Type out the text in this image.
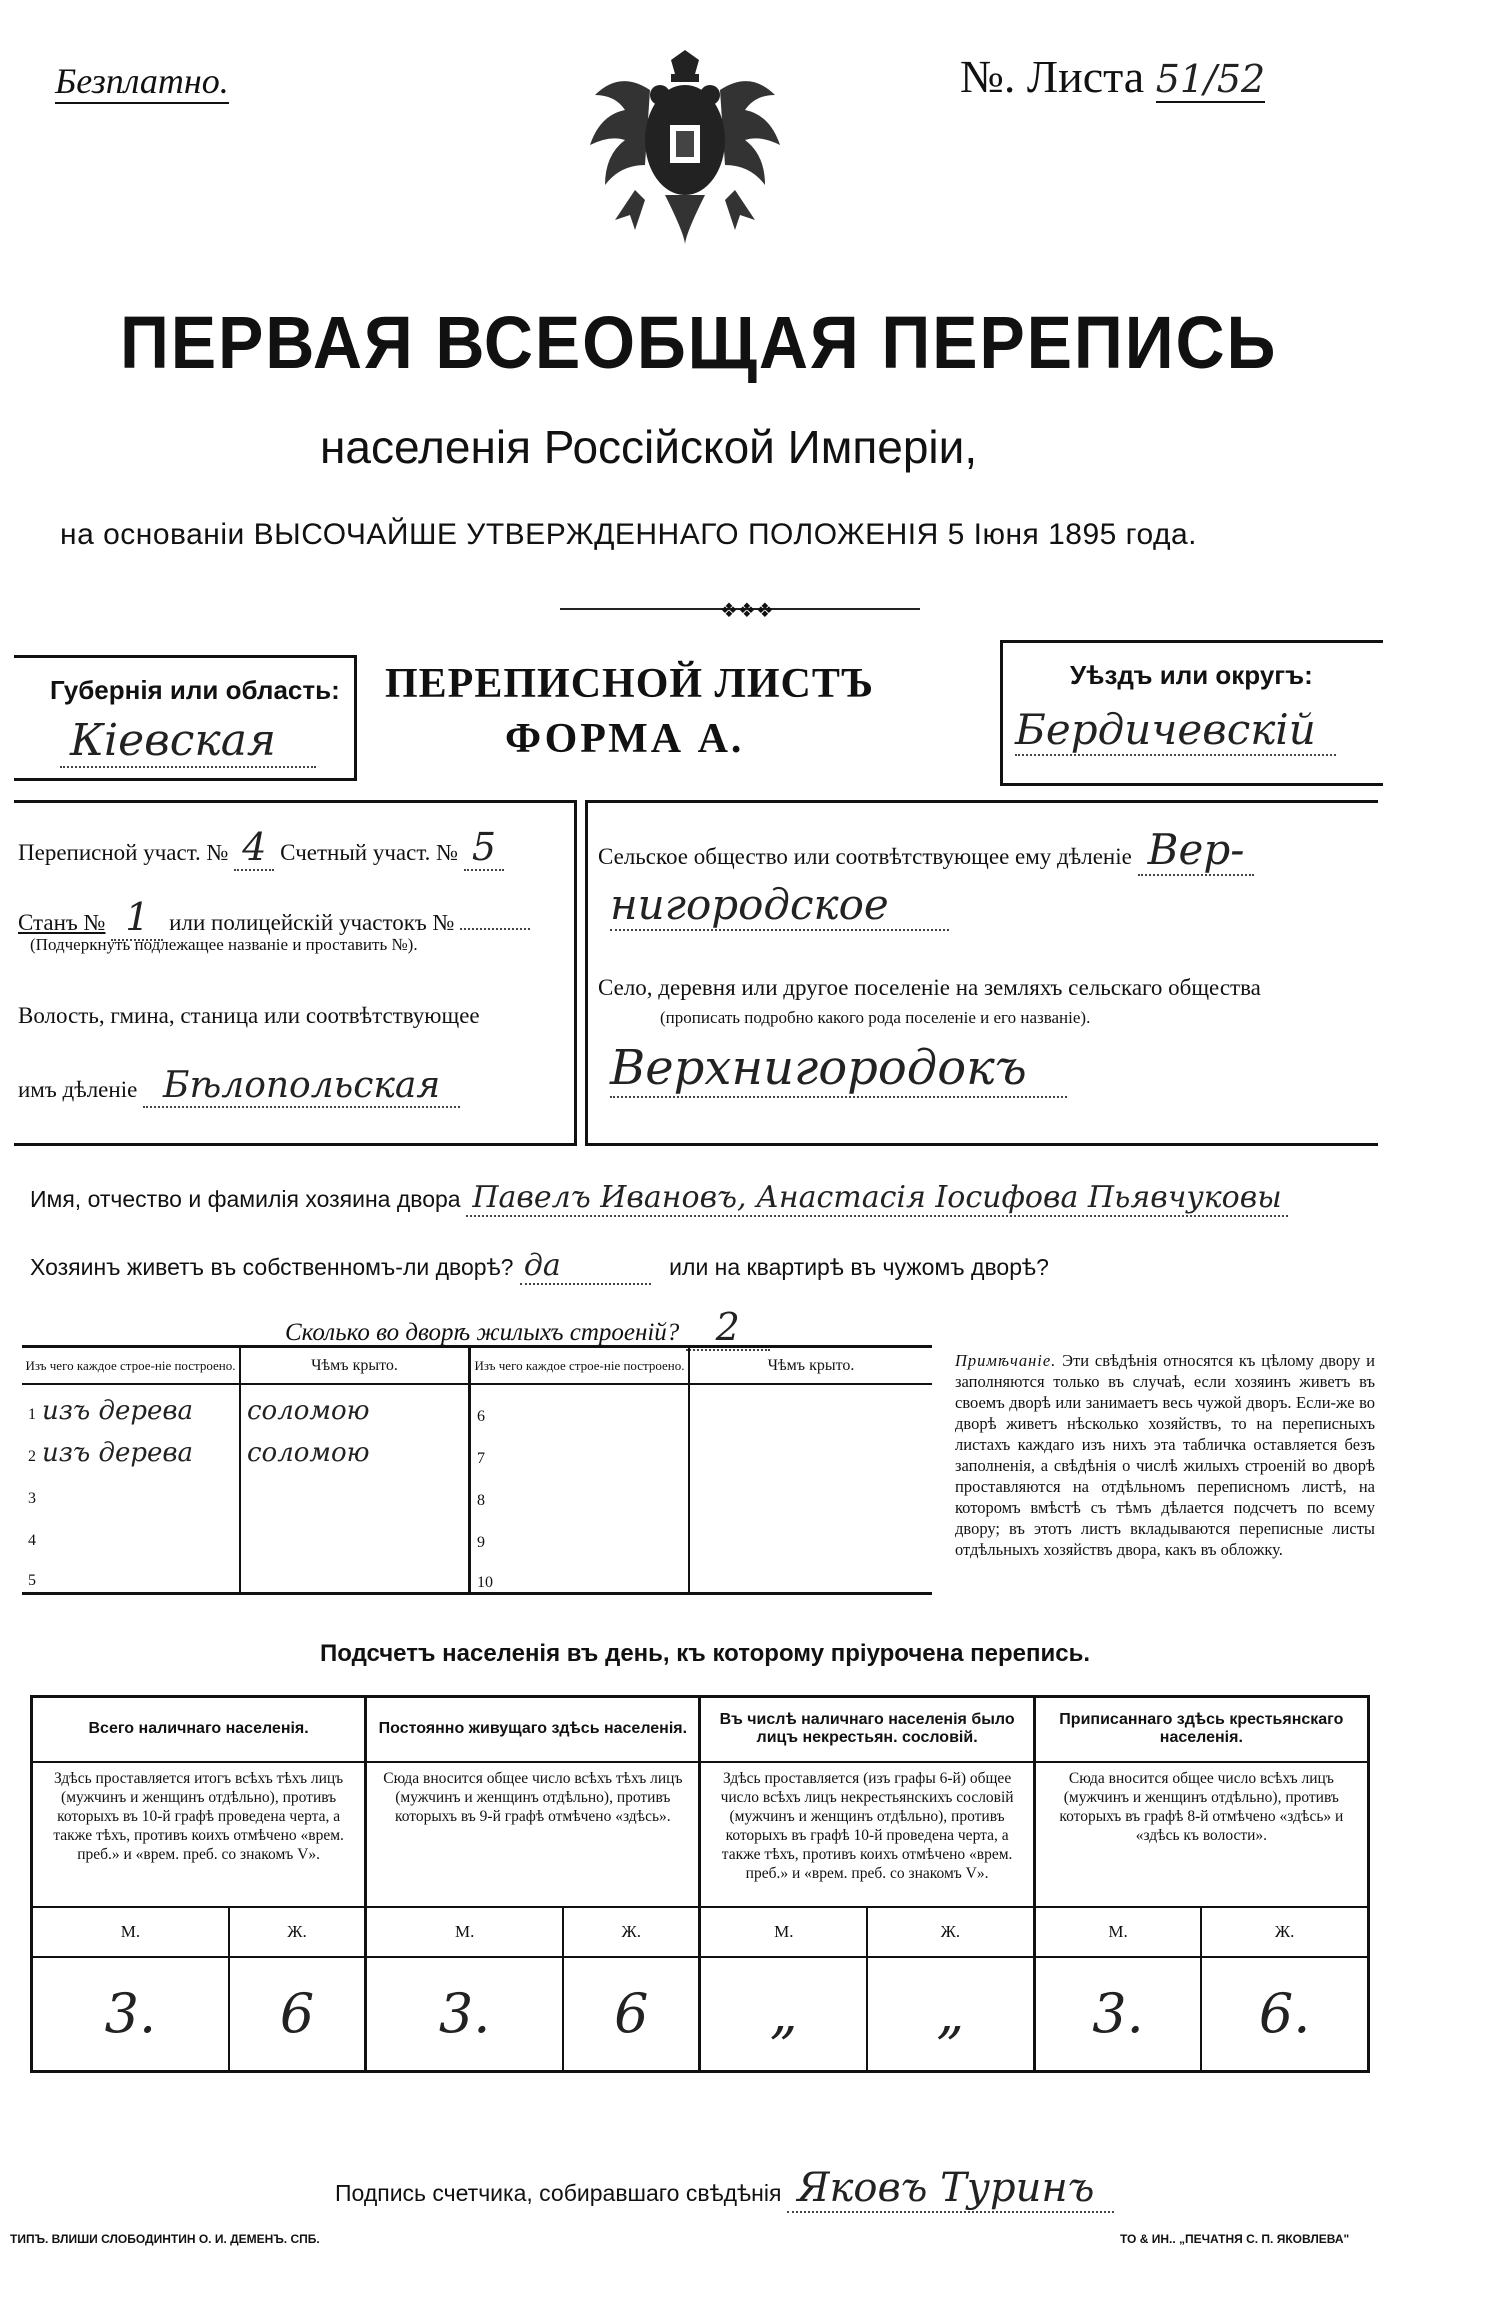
Безплатно.	№. Листа 51/52
ПЕРВАЯ ВСЕОБЩАЯ ПЕРЕПИСЬ
населенія Россійской Имперіи,
на основаніи ВЫСОЧАЙШЕ УТВЕРЖДЕННАГО ПОЛОЖЕНІЯ 5 Іюня 1895 года.
❖❖❖
Губернія или область:
Кіевская
ПЕРЕПИСНОЙ ЛИСТЪ
ФОРМА А.
Уѣздъ или округъ:
Бердичевскій
Переписной участ. № 4 Счетный участ. № 5
Станъ № 1 или полицейскій участокъ №
(Подчеркнуть подлежащее названіе и проставить №).
Волость, гмина, станица или соотвѣтствующее
имъ дѣленіе Бѣлопольская
Сельское общество или соотвѣтствующее ему дѣленіе Вер-
нигородское
Село, деревня или другое поселеніе на земляхъ сельскаго общества
(прописать подробно какого рода поселеніе и его названіе).
Верхнигородокъ
Имя, отчество и фамилія хозяина двора Павелъ Ивановъ, Анастасія Іосифова Пьявчуковы
Хозяинъ живетъ въ собственномъ-ли дворѣ? да	или на квартирѣ въ чужомъ дворѣ?
Сколько во дворѣ жилыхъ строеній? 2
Изъ чего каждое строе-ніе построено.	Чѣмъ крыто.	Изъ чего каждое строе-ніе построено.	Чѣмъ крыто.
1 изъ дерева	соломою	6	
2 изъ дерева	соломою	7	
3		8	
4		9	
5		10	
Примѣчаніе. Эти свѣдѣнія относятся къ цѣлому двору и заполняются только въ случаѣ, если хозяинъ живетъ въ своемъ дворѣ или занимаетъ весь чужой дворъ. Если-же во дворѣ живетъ нѣсколько хозяйствъ, то на переписныхъ листахъ каждаго изъ нихъ эта табличка оставляется безъ заполненія, а свѣдѣнія о числѣ жилыхъ строеній во дворѣ проставляются на отдѣльномъ переписномъ листѣ, на которомъ вмѣстѣ съ тѣмъ дѣлается подсчетъ по всему двору; въ этотъ листъ вкладываются переписные листы отдѣльныхъ хозяйствъ двора, какъ въ обложку.
Подсчетъ населенія въ день, къ которому пріурочена перепись.
Всего наличнаго населенія.		Постоянно живущаго здѣсь населенія.		Въ числѣ наличнаго населенія было лицъ некрестьян. сословій.		Приписаннаго здѣсь крестьянскаго населенія.	
Здѣсь проставляется итогъ всѣхъ тѣхъ лицъ (мужчинъ и женщинъ отдѣльно), противъ которыхъ въ 10-й графѣ проведена черта, а также тѣхъ, противъ коихъ отмѣчено «врем. преб.» и «врем. преб. со знакомъ V».		Сюда вносится общее число всѣхъ тѣхъ лицъ (мужчинъ и женщинъ отдѣльно), противъ которыхъ въ 9-й графѣ отмѣчено «здѣсь».		Здѣсь проставляется (изъ графы 6-й) общее число всѣхъ лицъ некрестьянскихъ сословій (мужчинъ и женщинъ отдѣльно), противъ которыхъ въ графѣ 10-й проведена черта, а также тѣхъ, противъ коихъ отмѣчено «врем. преб.» и «врем. преб. со знакомъ V».		Сюда вносится общее число всѣхъ лицъ (мужчинъ и женщинъ отдѣльно), противъ которыхъ въ графѣ 8-й отмѣчено «здѣсь» и «здѣсь къ волости».	
М.	Ж.	М.	Ж.	М.	Ж.	М.	Ж.
3.	6	3.	6	„	„	3.	6.
Подпись счетчика, собиравшаго свѣдѣнія Яковъ Туринъ
ТИПЪ. ВЛИШИ СЛОБОДИНТИН О. И. ДЕМЕНЪ. СПБ.	ТО & ИН.. „ПЕЧАТНЯ С. П. ЯКОВЛЕВА"
